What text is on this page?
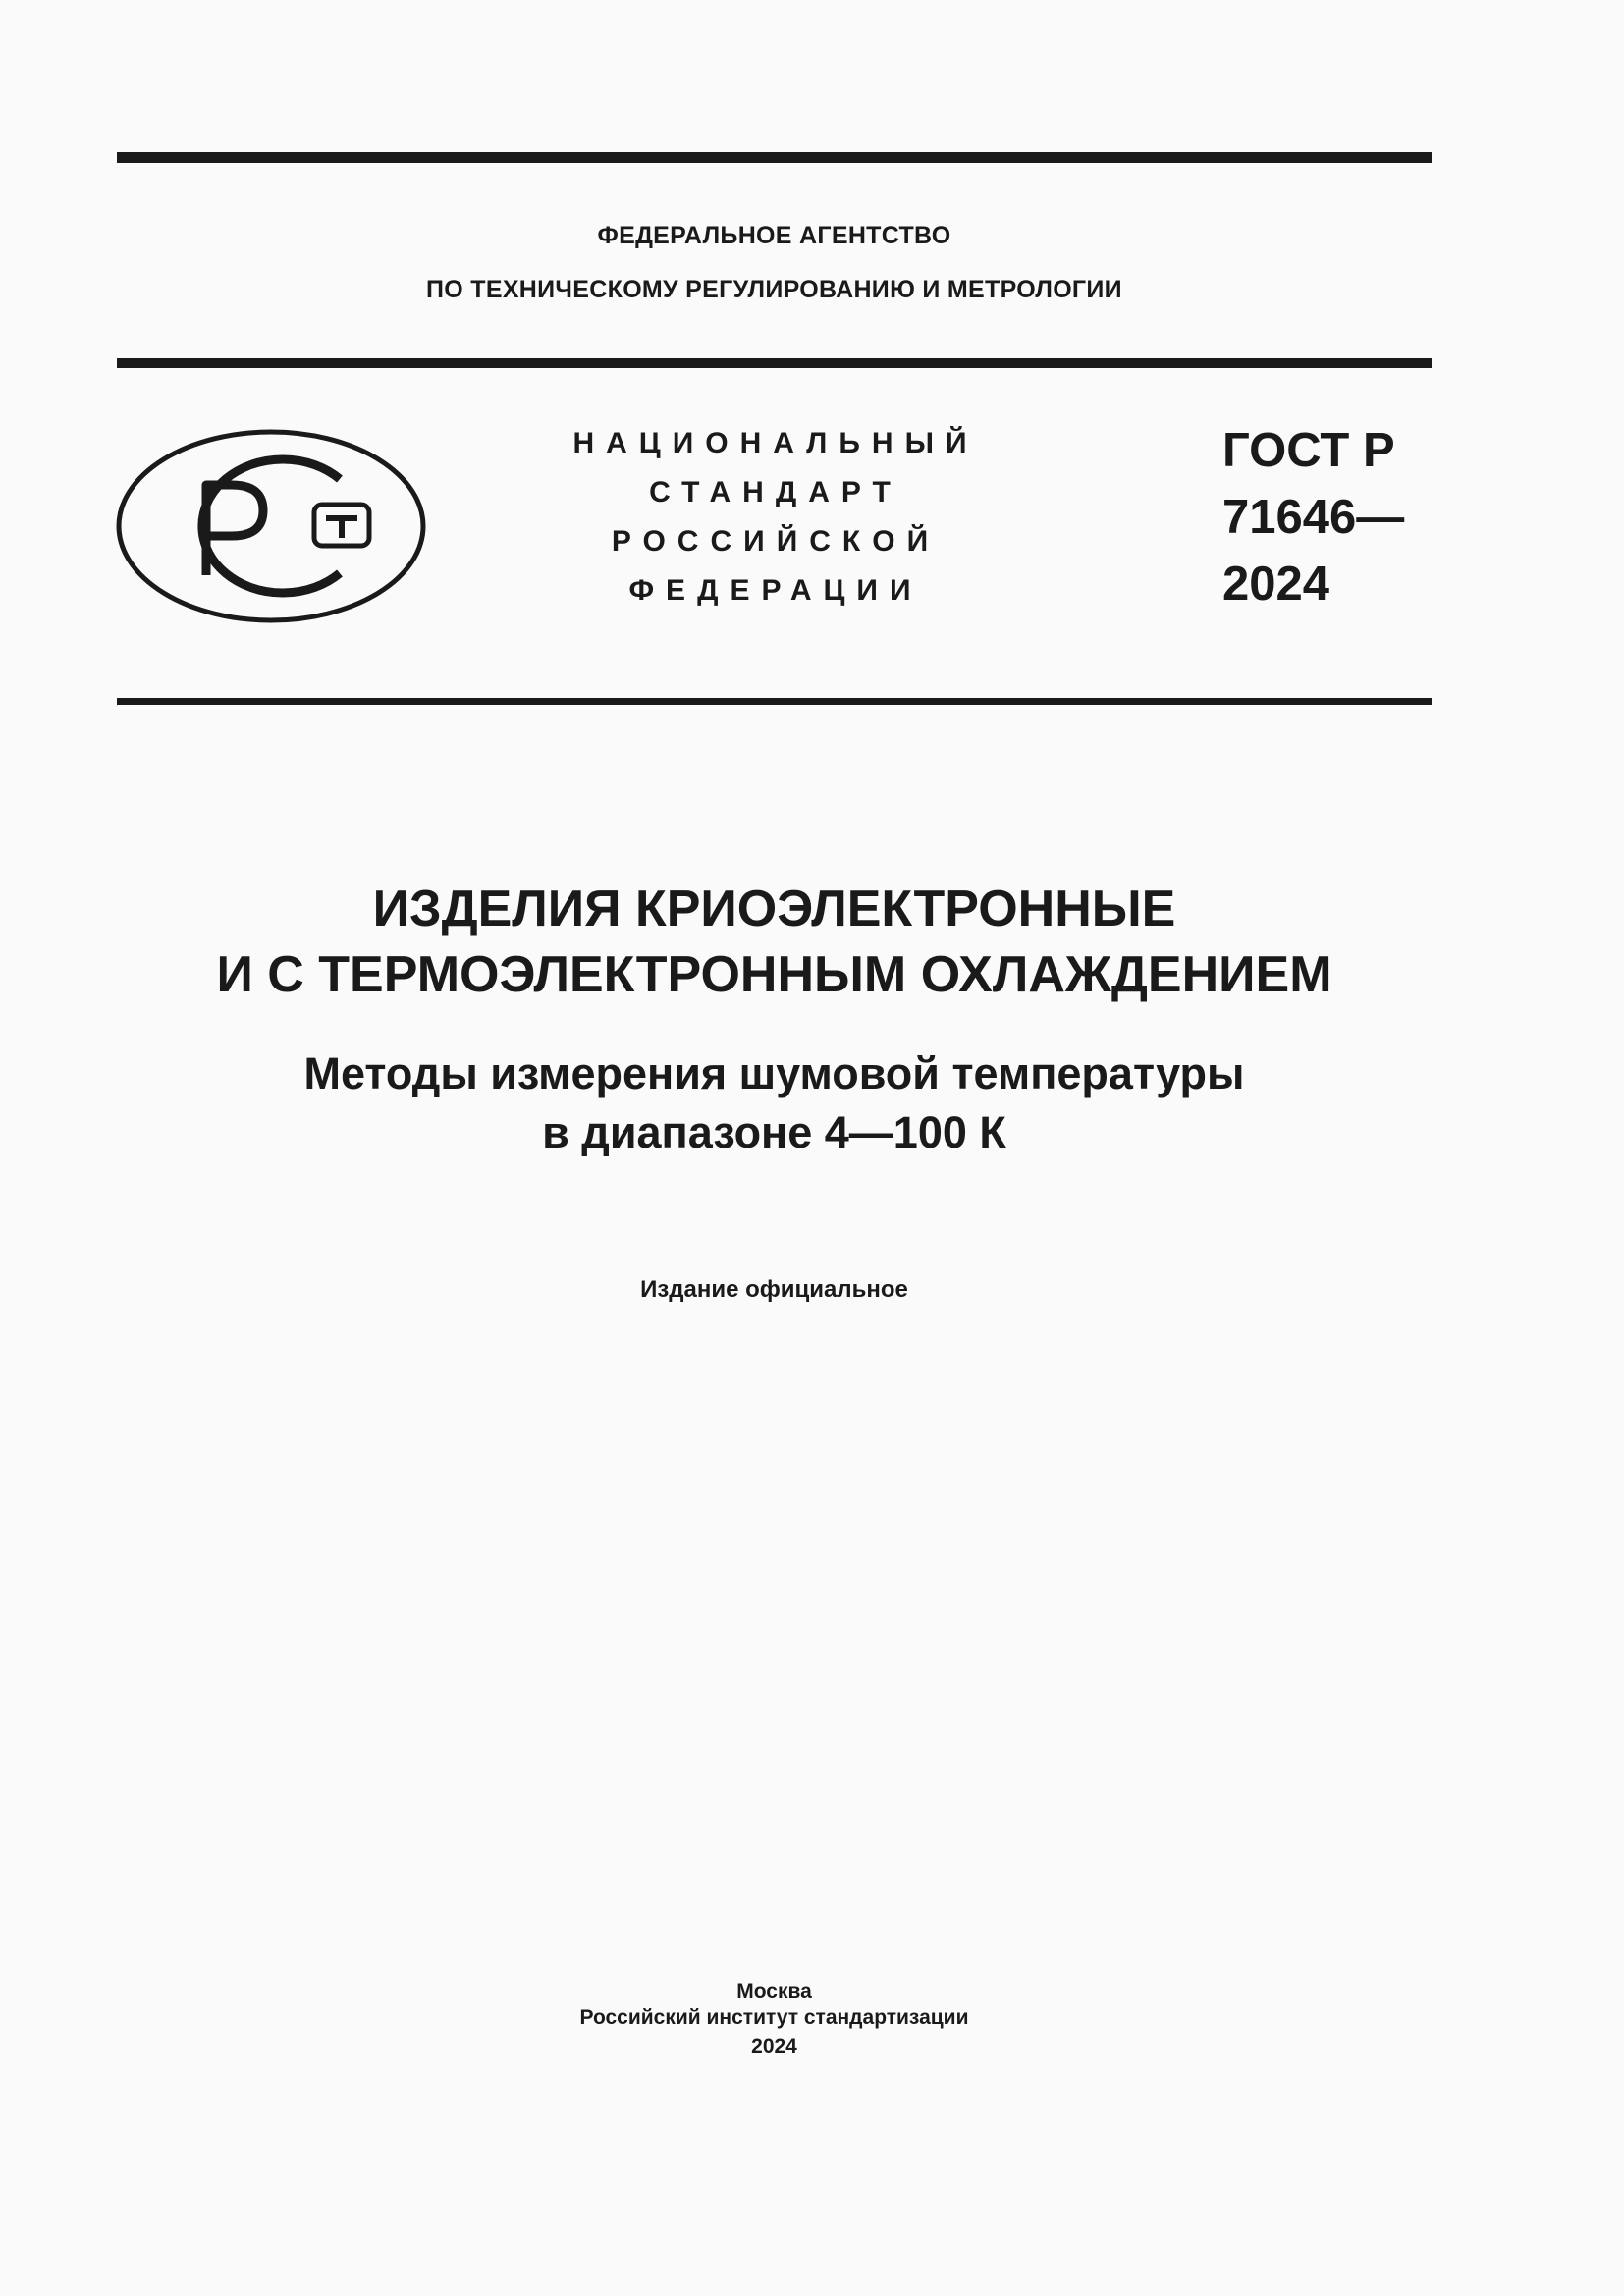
ФЕДЕРАЛЬНОЕ АГЕНТСТВО
ПО ТЕХНИЧЕСКОМУ РЕГУЛИРОВАНИЮ И МЕТРОЛОГИИ
НАЦИОНАЛЬНЫЙ
СТАНДАРТ
РОССИЙСКОЙ
ФЕДЕРАЦИИ
ГОСТ Р
71646—
2024
ИЗДЕЛИЯ КРИОЭЛЕКТРОННЫЕ
И С ТЕРМОЭЛЕКТРОННЫМ ОХЛАЖДЕНИЕМ
Методы измерения шумовой температуры
в диапазоне 4—100 К
Издание официальное
Москва
Российский институт стандартизации
2024
